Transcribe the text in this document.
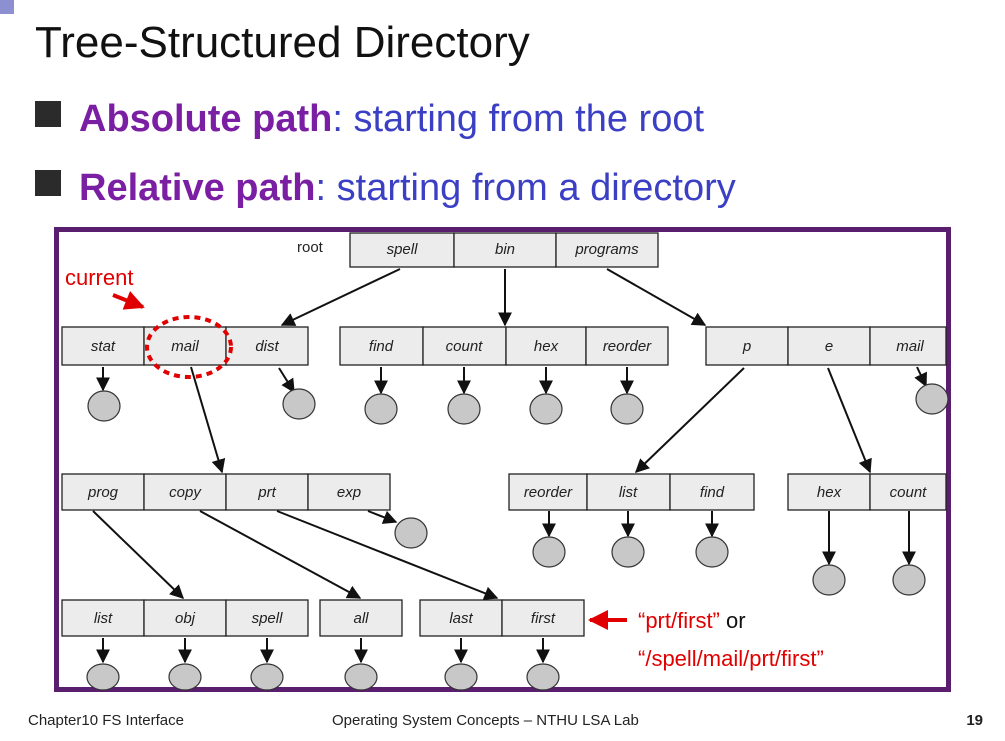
Tree-Structured Directory
Absolute path: starting from the root
Relative path: starting from a directory
root	spell	bin	programs
stat	mail	dist	find	count	hex	reorder	p	e	mail
prog	copy	prt	exp	reorder	list	find	hex	count
list	obj	spell	all	last	first
current
“prt/first” or
“/spell/mail/prt/first”
Chapter10 FS Interface	Operating System Concepts – NTHU LSA Lab	19
